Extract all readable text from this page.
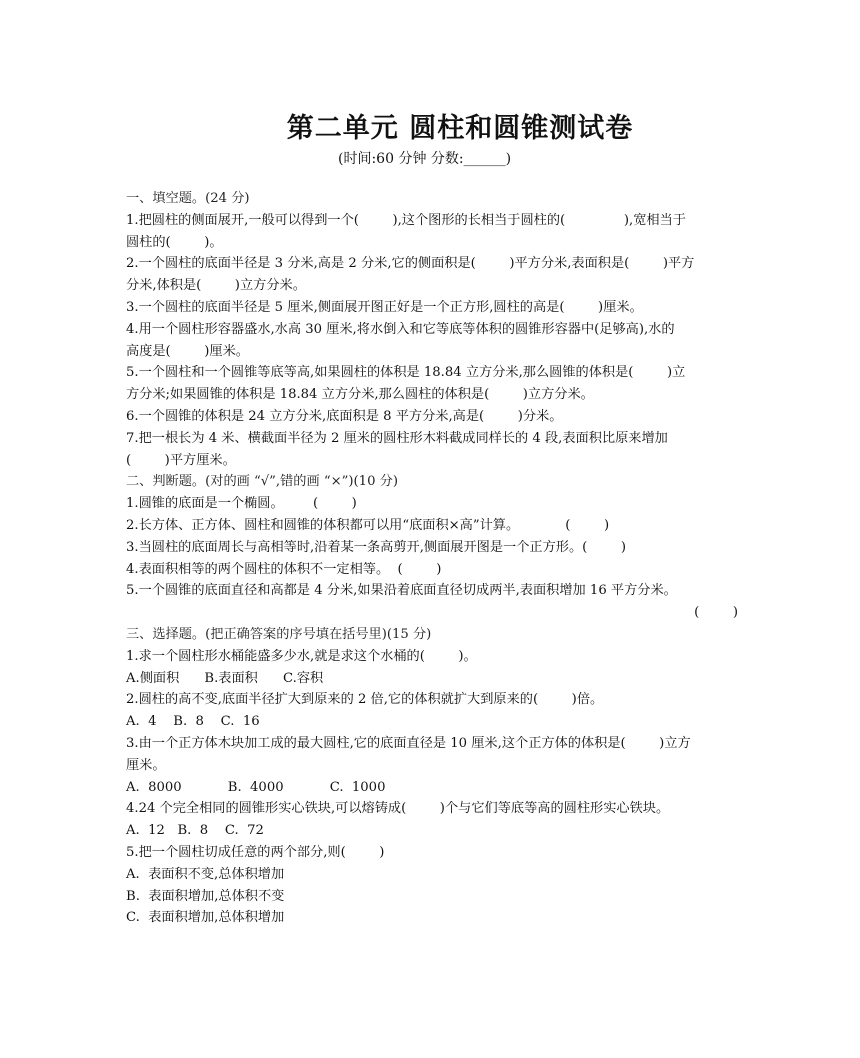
第二单元 圆柱和圆锥测试卷
(时间:60 分钟 分数:______)
一、填空题。(24 分)
1.把圆柱的侧面展开,一般可以得到一个(        ),这个图形的长相当于圆柱的(              ),宽相当于
圆柱的(        )。
2.一个圆柱的底面半径是 3 分米,高是 2 分米,它的侧面积是(        )平方分米,表面积是(        )平方
分米,体积是(        )立方分米。
3.一个圆柱的底面半径是 5 厘米,侧面展开图正好是一个正方形,圆柱的高是(        )厘米。
4.用一个圆柱形容器盛水,水高 30 厘米,将水倒入和它等底等体积的圆锥形容器中(足够高),水的
高度是(        )厘米。
5.一个圆柱和一个圆锥等底等高,如果圆柱的体积是 18.84 立方分米,那么圆锥的体积是(        )立
方分米;如果圆锥的体积是 18.84 立方分米,那么圆柱的体积是(        )立方分米。
6.一个圆锥的体积是 24 立方分米,底面积是 8 平方分米,高是(        )分米。
7.把一根长为 4 米、横截面半径为 2 厘米的圆柱形木料截成同样长的 4 段,表面积比原来增加
(        )平方厘米。
二、判断题。(对的画 “√”,错的画 “×”)(10 分)
1.圆锥的底面是一个椭圆。       (        )
2.长方体、正方体、圆柱和圆锥的体积都可以用“底面积×高”计算。           (        )
3.当圆柱的底面周长与高相等时,沿着某一条高剪开,侧面展开图是一个正方形。(        )
4.表面积相等的两个圆柱的体积不一定相等。  (        )
5.一个圆锥的底面直径和高都是 4 分米,如果沿着底面直径切成两半,表面积增加 16 平方分米。
(        )
三、选择题。(把正确答案的序号填在括号里)(15 分)
1.求一个圆柱形水桶能盛多少水,就是求这个水桶的(        )。
A.侧面积      B.表面积      C.容积
2.圆柱的高不变,底面半径扩大到原来的 2 倍,它的体积就扩大到原来的(        )倍。
A.  4    B.  8    C.  16
3.由一个正方体木块加工成的最大圆柱,它的底面直径是 10 厘米,这个正方体的体积是(        )立方
厘米。
A.  8000           B.  4000           C.  1000
4.24 个完全相同的圆锥形实心铁块,可以熔铸成(        )个与它们等底等高的圆柱形实心铁块。
A.  12   B.  8    C.  72
5.把一个圆柱切成任意的两个部分,则(        )
A.  表面积不变,总体积增加
B.  表面积增加,总体积不变
C.  表面积增加,总体积增加
